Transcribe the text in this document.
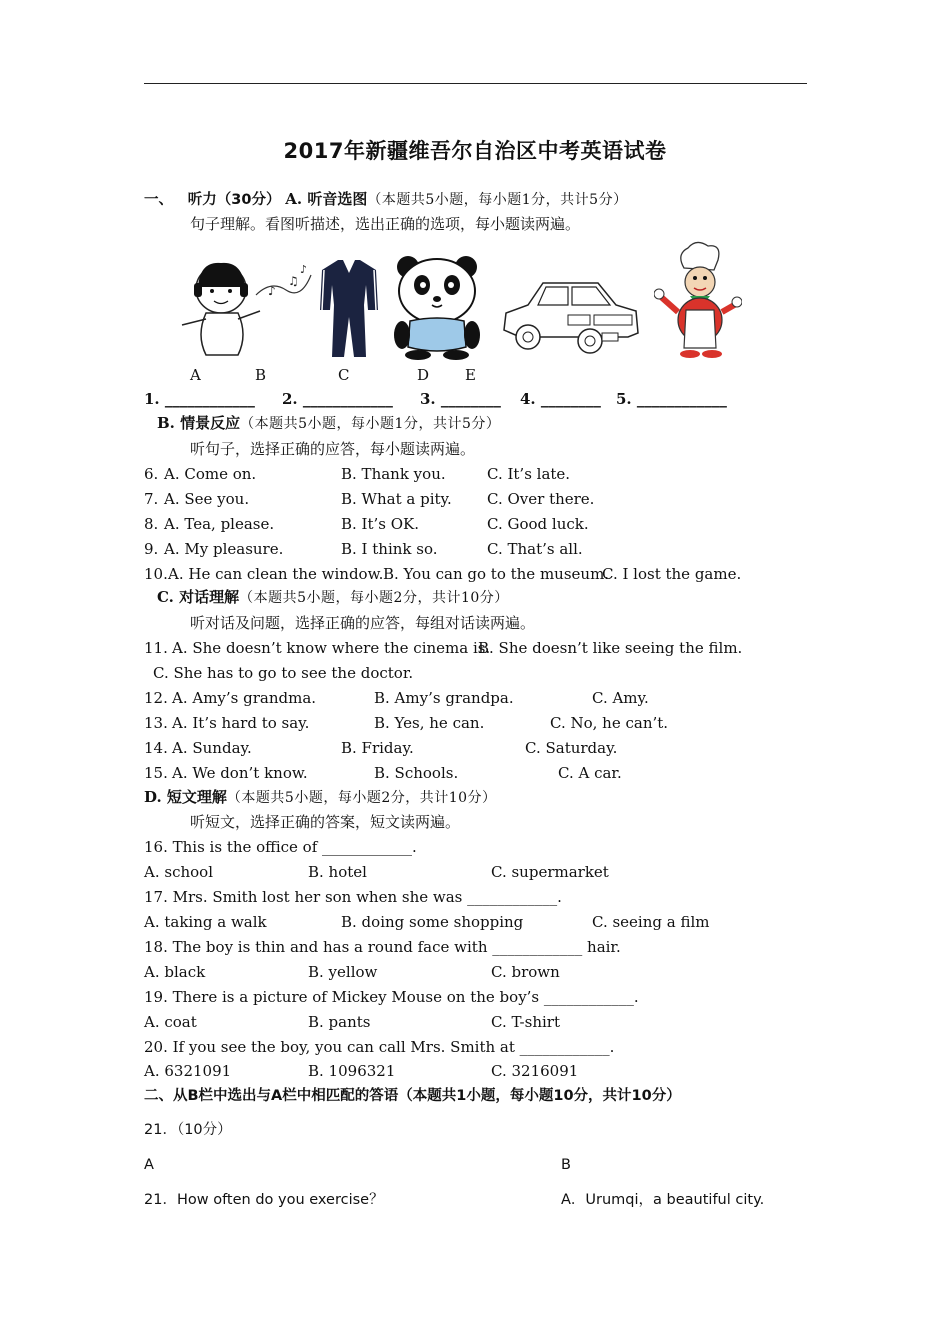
2017年新疆维吾尔自治区中考英语试卷
一、 听力（30分） A. 听音选图（本题共5小题，每小题1分，共计5分）
句子理解。看图听描述，选出正确的选项，每小题读两遍。
♪
♫
♪
A	B	C	D E
1. ____________ 2. ____________ 3. ________ 4. ________ 5. ____________
B. 情景反应（本题共5小题，每小题1分，共计5分）
听句子，选择正确的应答，每小题读两遍。
6. A. Come on.	B. Thank you.	C. It’s late.
7. A. See you.	B. What a pity. C. Over there.
8. A. Tea, please.	B. It’s OK.	C. Good luck.
9. A. My pleasure.	B. I think so.	C. That’s all.
10. A. He can clean the window. B. You can go to the museum.
C. I lost the game.
C. 对话理解（本题共5小题，每小题2分，共计10分）
听对话及问题，选择正确的应答，每组对话读两遍。
11. A. She doesn’t know where the cinema is.
B. She doesn’t like seeing the film.
C. She has to go to see the doctor.
12. A. Amy’s grandma.	B. Amy’s grandpa.	C. Amy.
13. A. It’s hard to say.	B. Yes, he can.	C. No, he can’t.
14. A. Sunday.	B. Friday.	C. Saturday.
15. A. We don’t know.	B. Schools.	C. A car.
D. 短文理解（本题共5小题，每小题2分，共计10分）
听短文，选择正确的答案，短文读两遍。
16. This is the office of ____________.
A. school	B. hotel	C. supermarket
17. Mrs. Smith lost her son when she was ____________.
A. taking a walk	B. doing some shopping	C. seeing a film
18. The boy is thin and has a round face with ____________ hair.
A. black	B. yellow	C. brown
19. There is a picture of Mickey Mouse on the boy’s ____________.
A. coat	B. pants	C. T-shirt
20. If you see the boy, you can call Mrs. Smith at ____________.
A. 6321091	B. 1096321	C. 3216091
二、从B栏中选出与A栏中相匹配的答语（本题共1小题，每小题10分，共计10分）
21．（10分）
A	B
21．How often do you exercise？	A．Urumqi，a beautiful city.
